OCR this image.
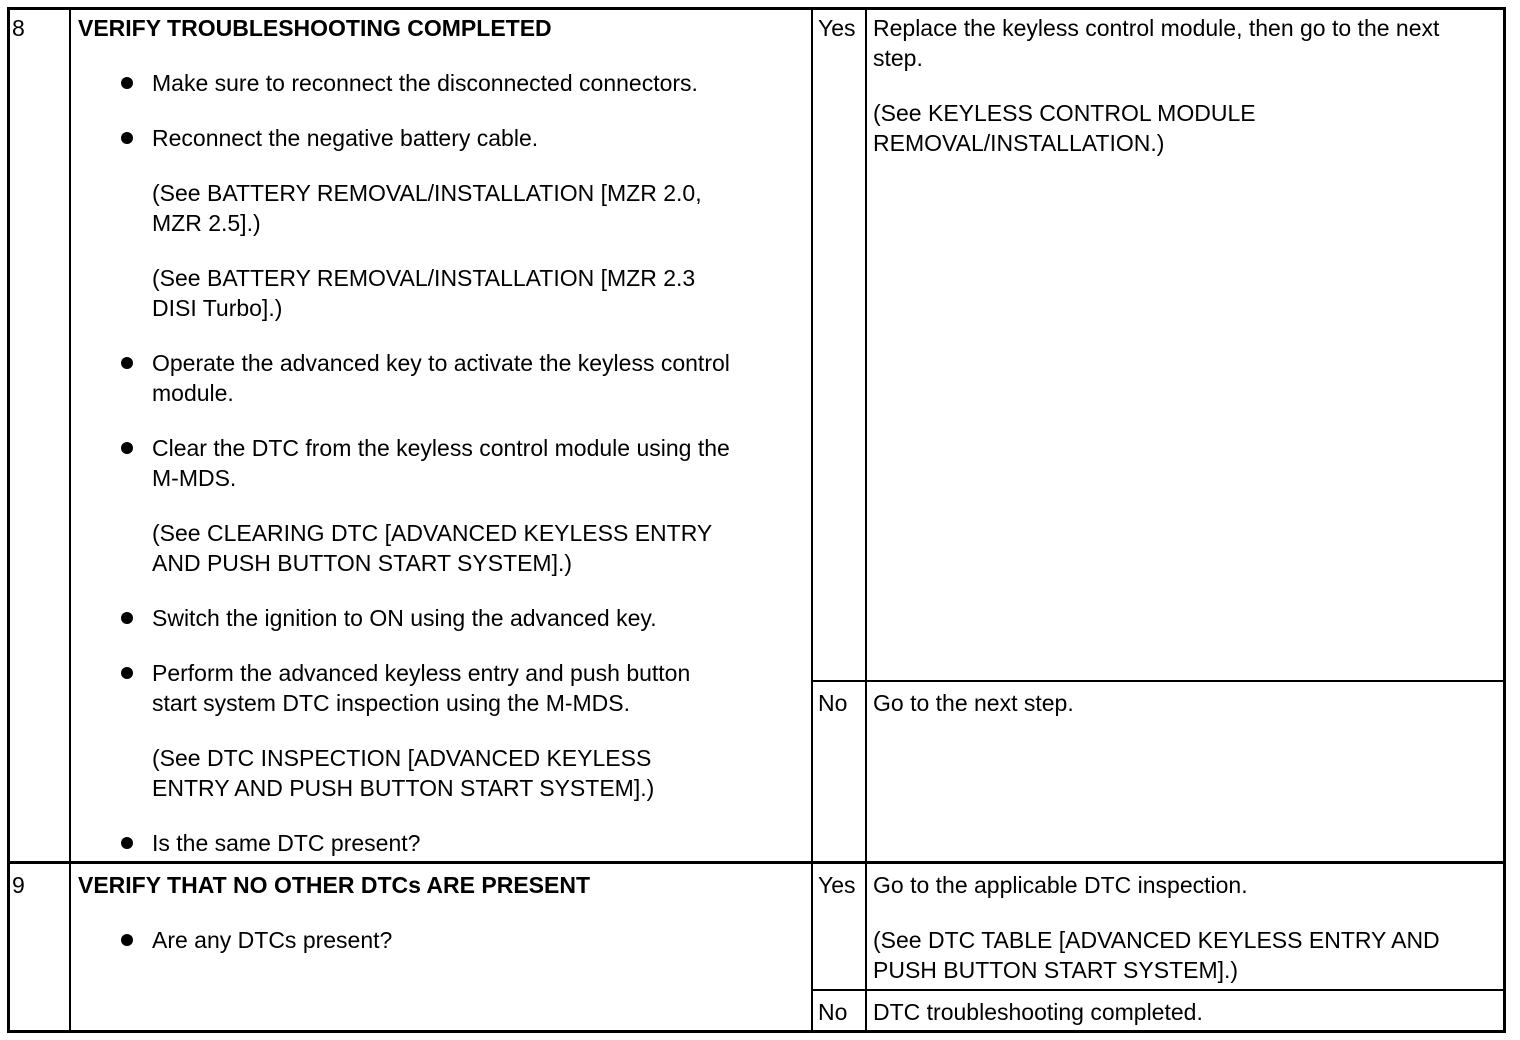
8 VERIFY TROUBLESHOOTING COMPLETED
Make sure to reconnect the disconnected connectors.
Reconnect the negative battery cable.
(See BATTERY REMOVAL/INSTALLATION [MZR 2.0,
MZR 2.5].)
(See BATTERY REMOVAL/INSTALLATION [MZR 2.3
DISI Turbo].)
Operate the advanced key to activate the keyless control
module.
Clear the DTC from the keyless control module using the
M-MDS.
(See CLEARING DTC [ADVANCED KEYLESS ENTRY
AND PUSH BUTTON START SYSTEM].)
Switch the ignition to ON using the advanced key.
Perform the advanced keyless entry and push button
start system DTC inspection using the M-MDS.
(See DTC INSPECTION [ADVANCED KEYLESS
ENTRY AND PUSH BUTTON START SYSTEM].)
Is the same DTC present?
Yes Replace the keyless control module, then go to the next
step.
(See KEYLESS CONTROL MODULE
REMOVAL/INSTALLATION.)
No Go to the next step.
9 VERIFY THAT NO OTHER DTCs ARE PRESENT
Are any DTCs present?
Yes Go to the applicable DTC inspection.
(See DTC TABLE [ADVANCED KEYLESS ENTRY AND
PUSH BUTTON START SYSTEM].)
No DTC troubleshooting completed.
